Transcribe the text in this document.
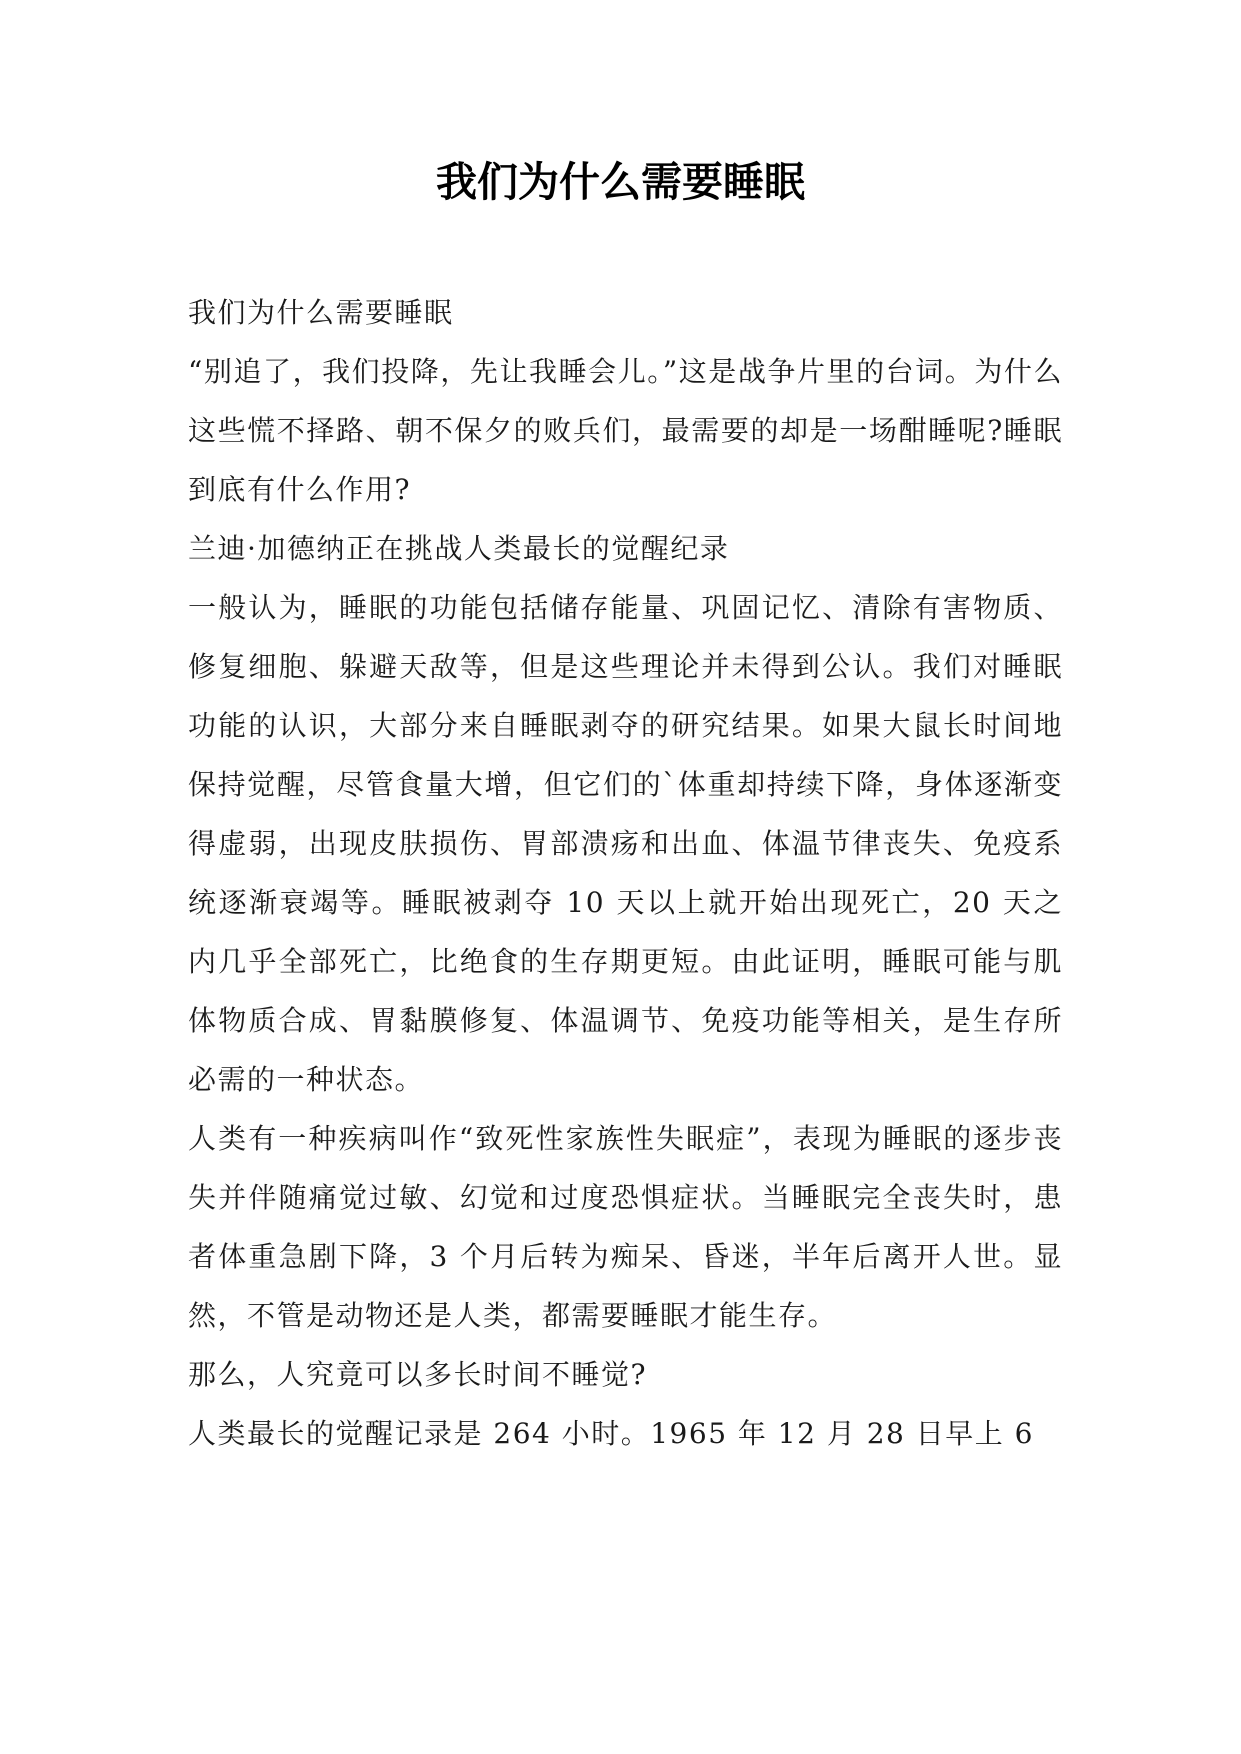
我们为什么需要睡眠

我们为什么需要睡眠

“别追了，我们投降，先让我睡会儿。”这是战争片里的台词。为什么这些慌不择路、朝不保夕的败兵们，最需要的却是一场酣睡呢?睡眠到底有什么作用?

兰迪·加德纳正在挑战人类最长的觉醒纪录

一般认为，睡眠的功能包括储存能量、巩固记忆、清除有害物质、修复细胞、躲避天敌等，但是这些理论并未得到公认。我们对睡眠功能的认识，大部分来自睡眠剥夺的研究结果。如果大鼠长时间地保持觉醒，尽管食量大增，但它们的`体重却持续下降，身体逐渐变得虚弱，出现皮肤损伤、胃部溃疡和出血、体温节律丧失、免疫系统逐渐衰竭等。睡眠被剥夺 10 天以上就开始出现死亡，20 天之内几乎全部死亡，比绝食的生存期更短。由此证明，睡眠可能与肌体物质合成、胃黏膜修复、体温调节、免疫功能等相关，是生存所必需的一种状态。

人类有一种疾病叫作“致死性家族性失眠症”，表现为睡眠的逐步丧失并伴随痛觉过敏、幻觉和过度恐惧症状。当睡眠完全丧失时，患者体重急剧下降，3 个月后转为痴呆、昏迷，半年后离开人世。显然，不管是动物还是人类，都需要睡眠才能生存。

那么，人究竟可以多长时间不睡觉?

人类最长的觉醒记录是 264 小时。1965 年 12 月 28 日早上 6
